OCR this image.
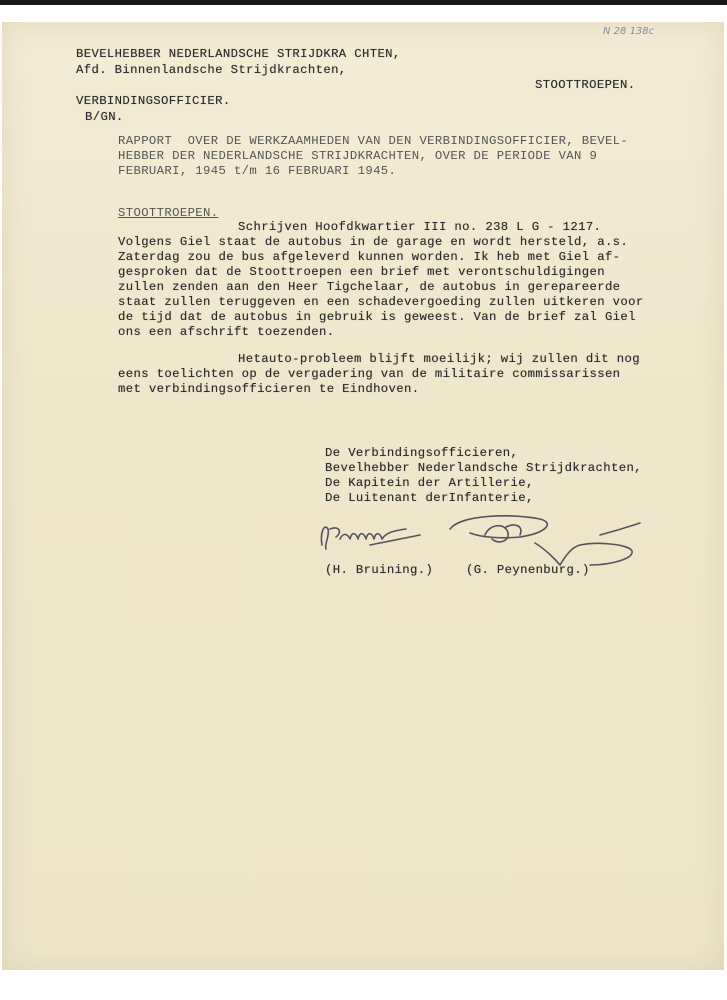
N 28 138c
BEVELHEBBER NEDERLANDSCHE STRIJDKRA CHTEN,
Afd. Binnenlandsche Strijdkrachten,
STOOTTROEPEN.
VERBINDINGSOFFICIER.
B/GN.
RAPPORT  OVER DE WERKZAAMHEDEN VAN DEN VERBINDINGSOFFICIER, BEVEL-
HEBBER DER NEDERLANDSCHE STRIJDKRACHTEN, OVER DE PERIODE VAN 9
FEBRUARI, 1945 t/m 16 FEBRUARI 1945.
STOOTTROEPEN.
Schrijven Hoofdkwartier III no. 238 L G - 1217.
Volgens Giel staat de autobus in de garage en wordt hersteld, a.s.
Zaterdag zou de bus afgeleverd kunnen worden. Ik heb met Giel af-
gesproken dat de Stoottroepen een brief met verontschuldigingen
zullen zenden aan den Heer Tigchelaar, de autobus in gerepareerde
staat zullen teruggeven en een schadevergoeding zullen uitkeren voor
de tijd dat de autobus in gebruik is geweest. Van de brief zal Giel
ons een afschrift toezenden.
Hetauto-probleem blijft moeilijk; wij zullen dit nog
eens toelichten op de vergadering van de militaire commissarissen
met verbindingsofficieren te Eindhoven.
De Verbindingsofficieren,
Bevelhebber Nederlandsche Strijdkrachten,
De Kapitein der Artillerie,
De Luitenant derInfanterie,
(H. Bruining.)	(G. Peynenburg.)
